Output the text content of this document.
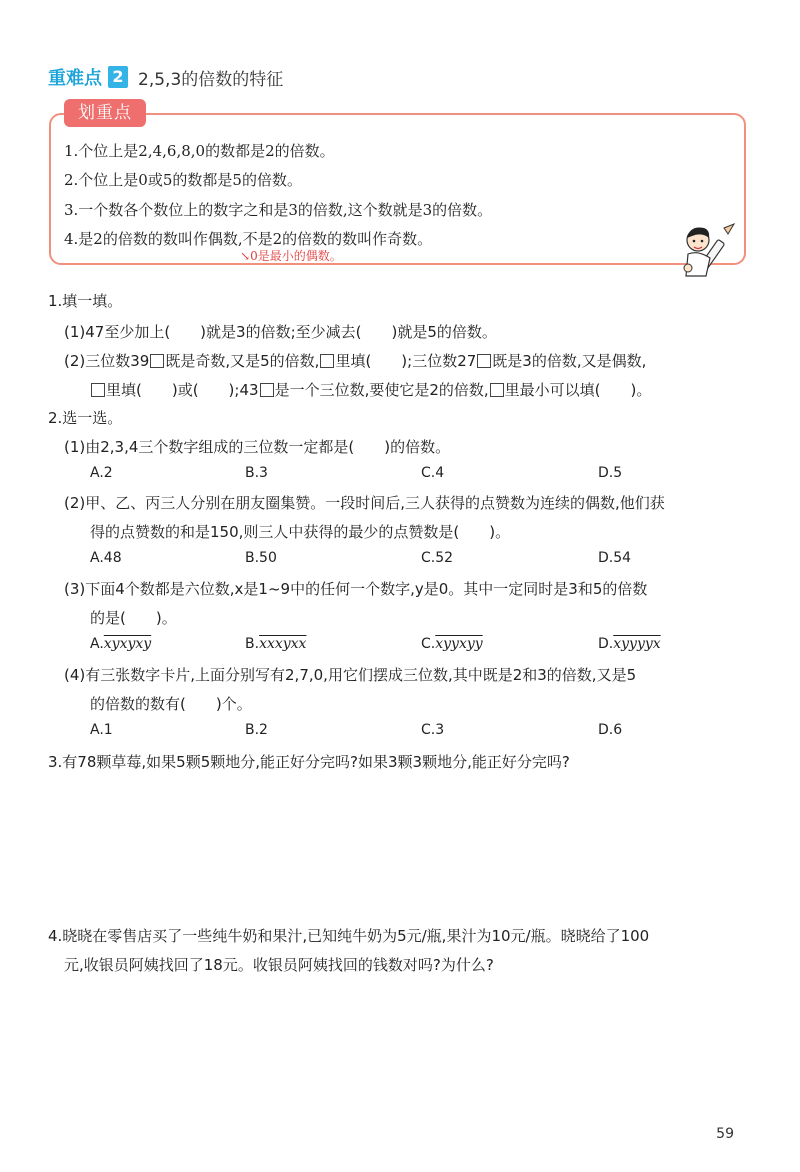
重难点 2 2,5,3的倍数的特征
划重点
1.个位上是2,4,6,8,0的数都是2的倍数。
2.个位上是0或5的数都是5的倍数。
3.一个数各个数位上的数字之和是3的倍数,这个数就是3的倍数。
4.是2的倍数的数叫作偶数,不是2的倍数的数叫作奇数。
↘0是最小的偶数。
1.填一填。
(1)47至少加上(　　)就是3的倍数;至少减去(　　)就是5的倍数。
(2)三位数39 既是奇数,又是5的倍数, 里填(　　);三位数27 既是3的倍数,又是偶数,
里填(　　)或(　　);43 是一个三位数,要使它是2的倍数, 里最小可以填(　　)。
2.选一选。
(1)由2,3,4三个数字组成的三位数一定都是(　　)的倍数。
A.2	B.3	C.4	D.5
(2)甲、乙、丙三人分别在朋友圈集赞。一段时间后,三人获得的点赞数为连续的偶数,他们获
得的点赞数的和是150,则三人中获得的最少的点赞数是(　　)。
A.48	B.50	C.52	D.54
(3)下面4个数都是六位数,x是1~9中的任何一个数字,y是0。其中一定同时是3和5的倍数
的是(　　)。
A.xyxyxy	B.xxxyxx	C.xyyxyy	D.xyyyyx
(4)有三张数字卡片,上面分别写有2,7,0,用它们摆成三位数,其中既是2和3的倍数,又是5
的倍数的数有(　　)个。
A.1	B.2	C.3	D.6
3.有78颗草莓,如果5颗5颗地分,能正好分完吗?如果3颗3颗地分,能正好分完吗?
4.晓晓在零售店买了一些纯牛奶和果汁,已知纯牛奶为5元/瓶,果汁为10元/瓶。晓晓给了100
元,收银员阿姨找回了18元。收银员阿姨找回的钱数对吗?为什么?
59
